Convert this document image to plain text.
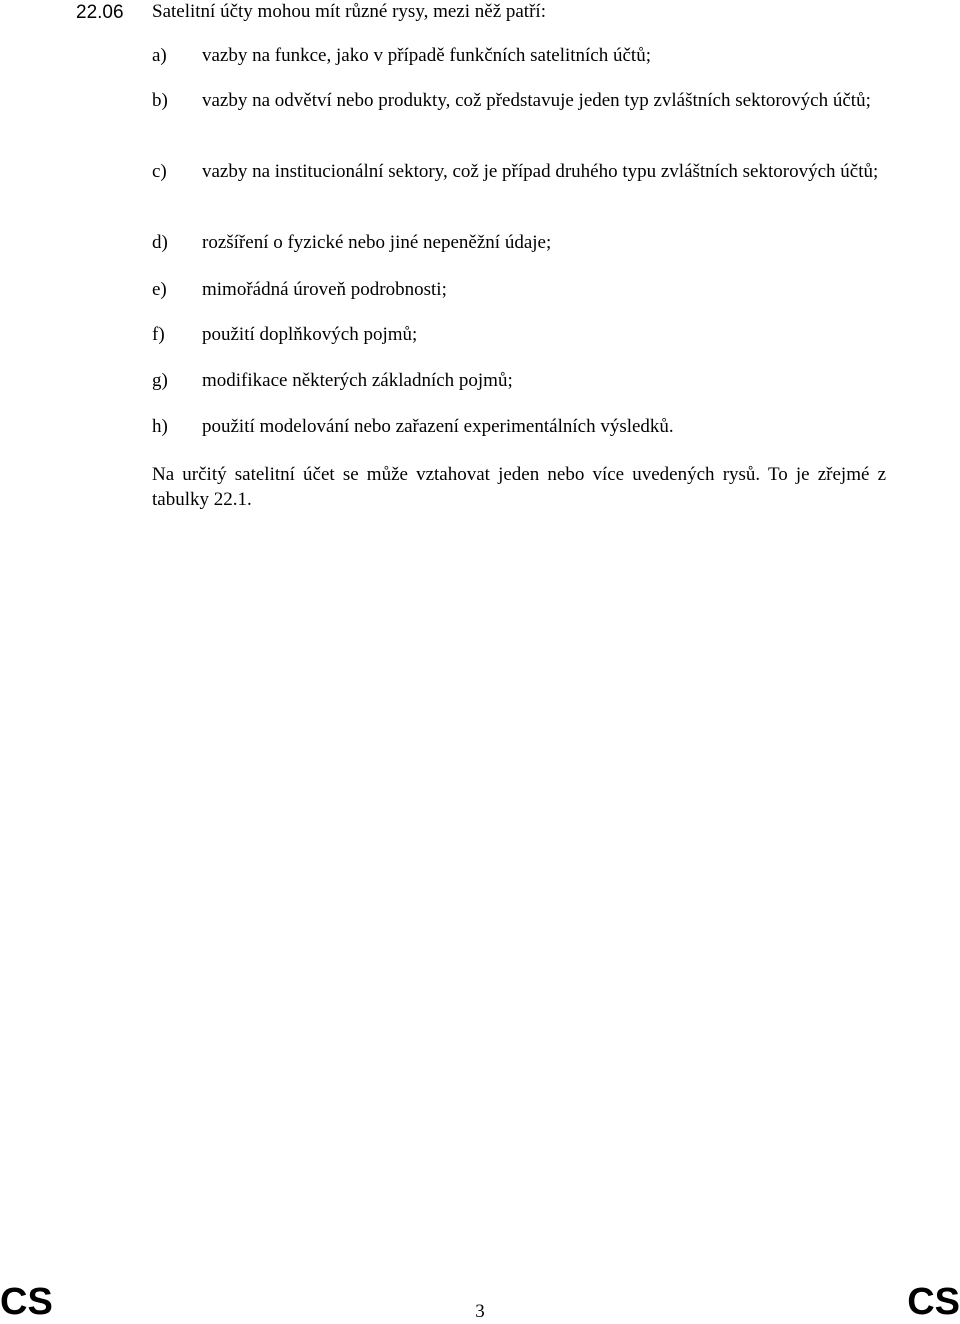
22.06 Satelitní účty mohou mít různé rysy, mezi něž patří:
a)	vazby na funkce, jako v případě funkčních satelitních účtů;
b)	vazby na odvětví nebo produkty, což představuje jeden typ zvláštních sektorových účtů;
c)	vazby na institucionální sektory, což je případ druhého typu zvláštních sektorových účtů;
d)	rozšíření o fyzické nebo jiné nepeněžní údaje;
e)	mimořádná úroveň podrobnosti;
f)	použití doplňkových pojmů;
g)	modifikace některých základních pojmů;
h)	použití modelování nebo zařazení experimentálních výsledků.
Na určitý satelitní účet se může vztahovat jeden nebo více uvedených rysů. To je zřejmé z tabulky 22.1.
CS	3	CS
